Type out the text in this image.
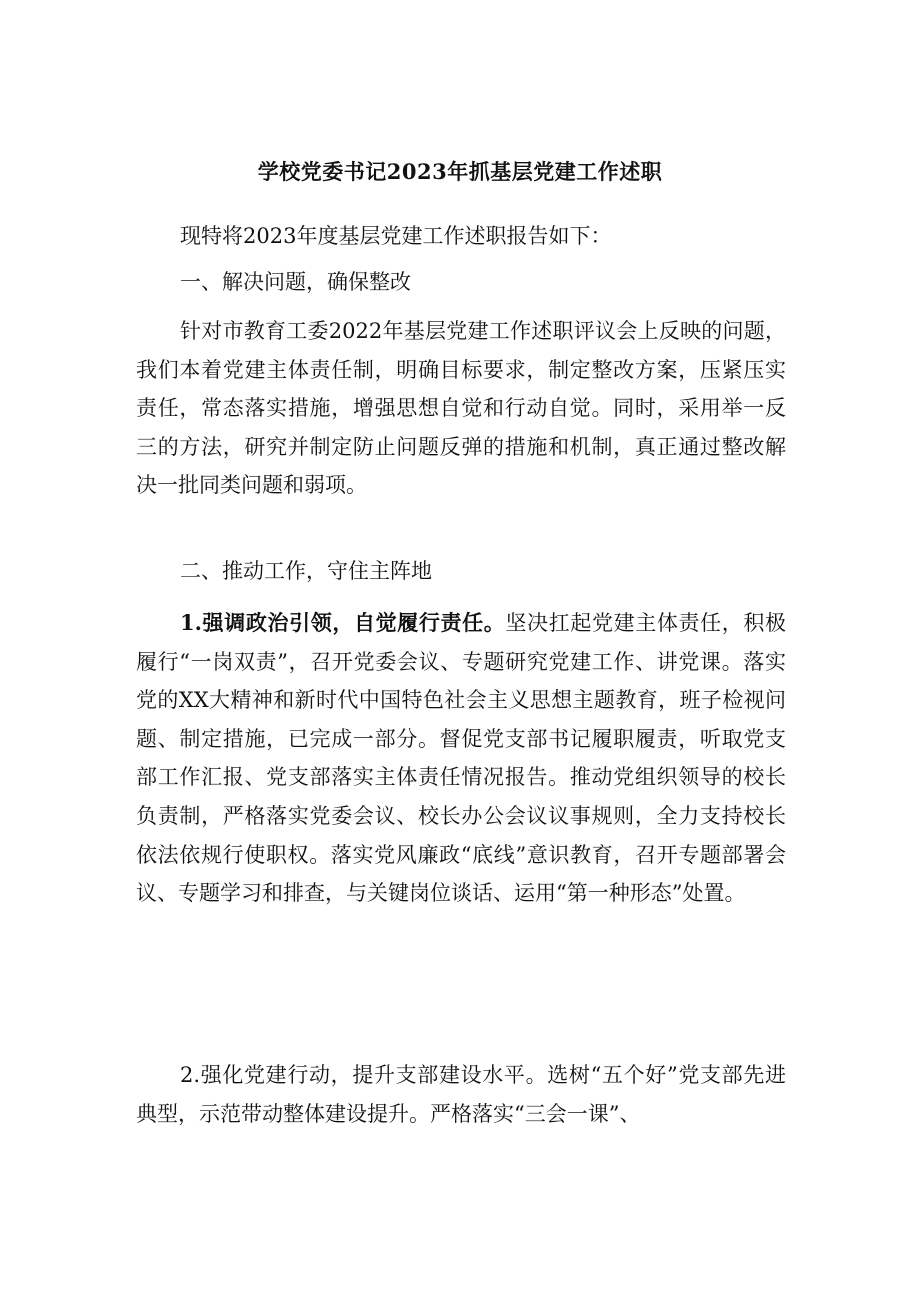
学校党委书记2023年抓基层党建工作述职

现特将2023年度基层党建工作述职报告如下：

一、解决问题，确保整改

针对市教育工委2022年基层党建工作述职评议会上反映的问题，我们本着党建主体责任制，明确目标要求，制定整改方案，压紧压实责任，常态落实措施，增强思想自觉和行动自觉。同时，采用举一反三的方法，研究并制定防止问题反弹的措施和机制，真正通过整改解决一批同类问题和弱项。

二、推动工作，守住主阵地

1.强调政治引领，自觉履行责任。坚决扛起党建主体责任，积极履行“一岗双责”，召开党委会议、专题研究党建工作、讲党课。落实党的XX大精神和新时代中国特色社会主义思想主题教育，班子检视问题、制定措施，已完成一部分。督促党支部书记履职履责，听取党支部工作汇报、党支部落实主体责任情况报告。推动党组织领导的校长负责制，严格落实党委会议、校长办公会议议事规则，全力支持校长依法依规行使职权。落实党风廉政“底线”意识教育，召开专题部署会议、专题学习和排查，与关键岗位谈话、运用“第一种形态”处置。

2.强化党建行动，提升支部建设水平。选树“五个好”党支部先进典型，示范带动整体建设提升。严格落实“三会一课”、
